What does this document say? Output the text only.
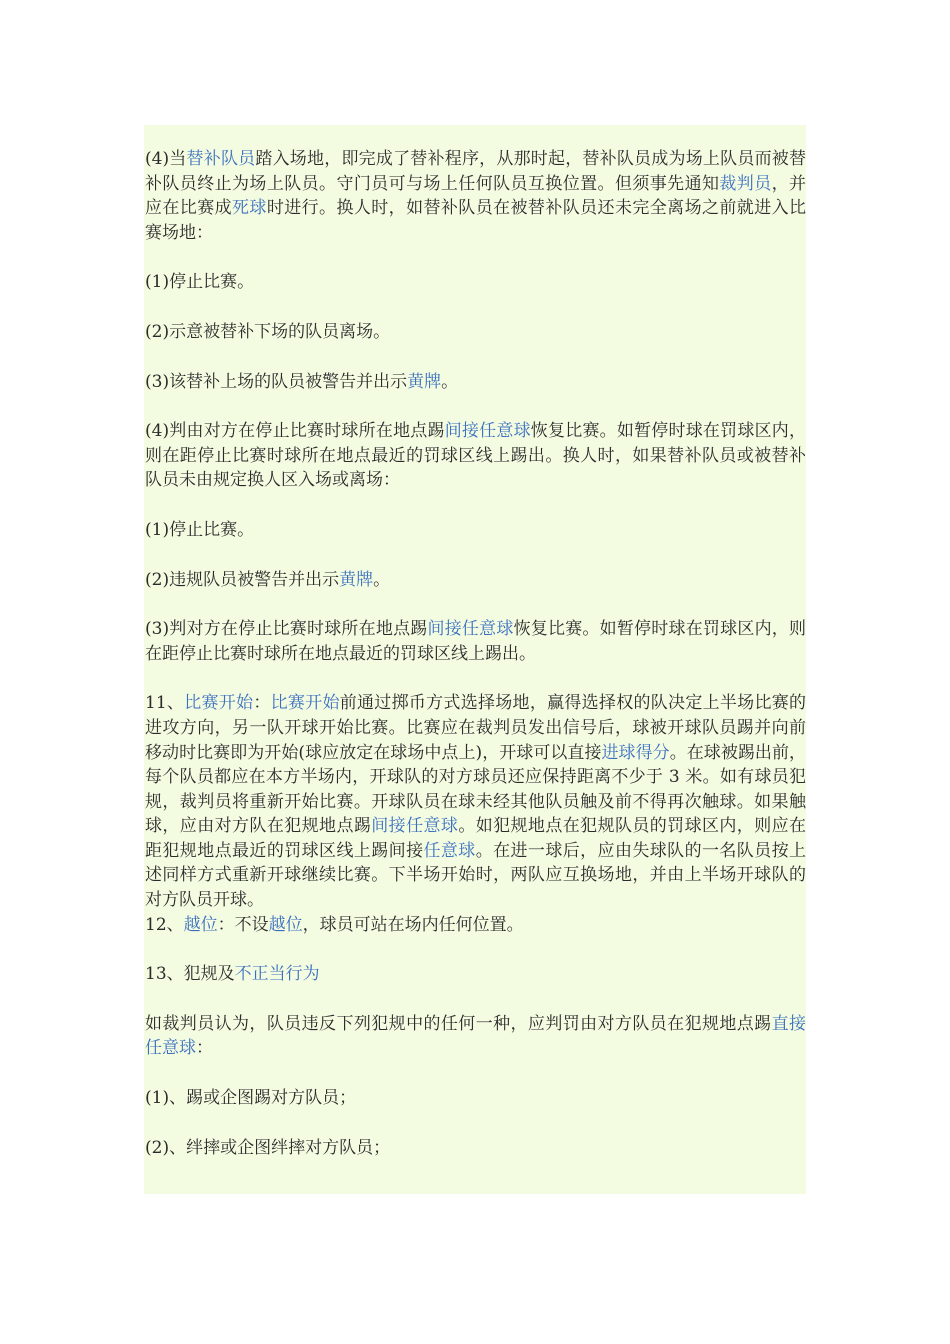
(4)当替补队员踏入场地，即完成了替补程序，从那时起，替补队员成为场上队员而被替补队员终止为场上队员。守门员可与场上任何队员互换位置。但须事先通知裁判员，并应在比赛成死球时进行。换人时，如替补队员在被替补队员还未完全离场之前就进入比赛场地：

(1)停止比赛。

(2)示意被替补下场的队员离场。

(3)该替补上场的队员被警告并出示黄牌。

(4)判由对方在停止比赛时球所在地点踢间接任意球恢复比赛。如暂停时球在罚球区内，则在距停止比赛时球所在地点最近的罚球区线上踢出。换人时，如果替补队员或被替补队员未由规定换人区入场或离场：

(1)停止比赛。

(2)违规队员被警告并出示黄牌。

(3)判对方在停止比赛时球所在地点踢间接任意球恢复比赛。如暂停时球在罚球区内，则在距停止比赛时球所在地点最近的罚球区线上踢出。

11、比赛开始：比赛开始前通过掷币方式选择场地，赢得选择权的队决定上半场比赛的进攻方向，另一队开球开始比赛。比赛应在裁判员发出信号后，球被开球队员踢并向前移动时比赛即为开始(球应放定在球场中点上)，开球可以直接进球得分。在球被踢出前，每个队员都应在本方半场内，开球队的对方球员还应保持距离不少于 3 米。如有球员犯规，裁判员将重新开始比赛。开球队员在球未经其他队员触及前不得再次触球。如果触球，应由对方队在犯规地点踢间接任意球。如犯规地点在犯规队员的罚球区内，则应在距犯规地点最近的罚球区线上踢间接任意球。在进一球后，应由失球队的一名队员按上述同样方式重新开球继续比赛。下半场开始时，两队应互换场地，并由上半场开球队的对方队员开球。

12、越位：不设越位，球员可站在场内任何位置。

13、犯规及不正当行为

如裁判员认为，队员违反下列犯规中的任何一种，应判罚由对方队员在犯规地点踢直接任意球：

(1)、踢或企图踢对方队员；

(2)、绊摔或企图绊摔对方队员；
